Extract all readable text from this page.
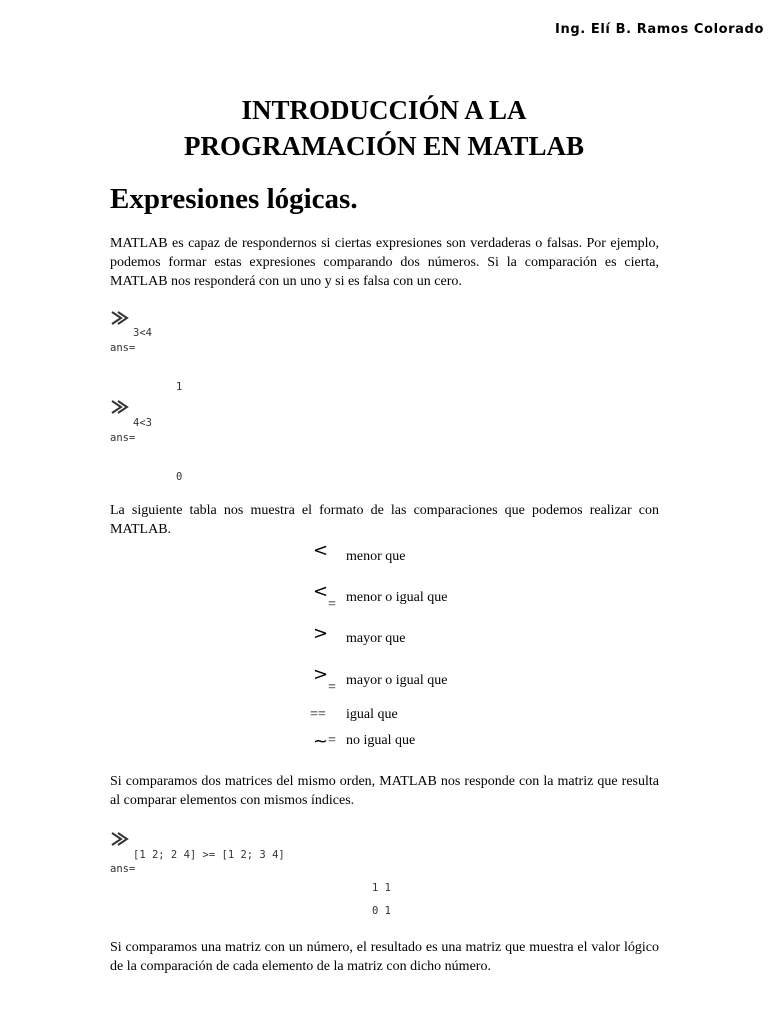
Ing. Elí B. Ramos Colorado
INTRODUCCIÓN A LA
PROGRAMACIÓN EN MATLAB
Expresiones lógicas.

MATLAB es capaz de respondernos si ciertas expresiones son verdaderas o falsas. Por ejemplo, podemos formar estas expresiones comparando dos números. Si la comparación es cierta, MATLAB nos responderá con un uno y si es falsa con un cero.

3<4
ans=
1
4<3
ans=
0

La siguiente tabla nos muestra el formato de las comparaciones que podemos realizar con MATLAB.

< menor que
<
= menor o igual que
> mayor que
>
= mayor o igual que
== igual que
~ = no igual que

Si comparamos dos matrices del mismo orden, MATLAB nos responde con la matriz que resulta al comparar elementos con mismos índices.

[1 2; 2 4] >= [1 2; 3 4]
ans=
1 1
0 1

Si comparamos una matriz con un número, el resultado es una matriz que muestra el valor lógico de la comparación de cada elemento de la matriz con dicho número.
